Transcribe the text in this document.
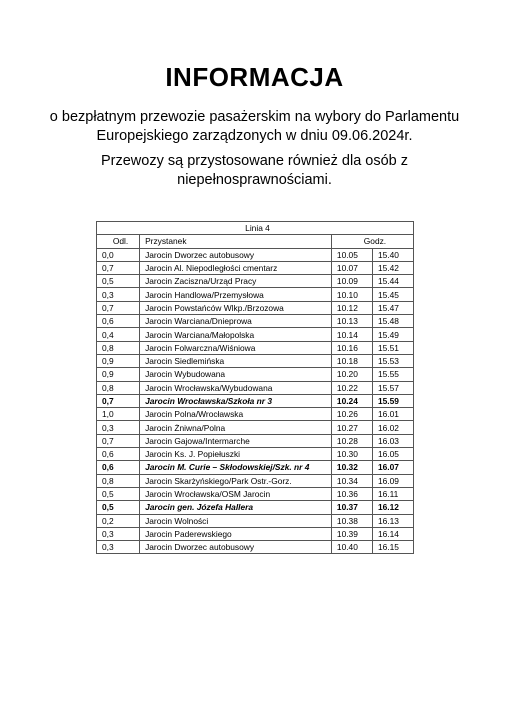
INFORMACJA
o bezpłatnym przewozie pasażerskim na wybory do Parlamentu
Europejskiego zarządzonych w dniu 09.06.2024r.
Przewozy są przystosowane również dla osób z
niepełnosprawnościami.
Linia 4			
Odl.	Przystanek	Godz.	
0,0	Jarocin Dworzec autobusowy	10.05	15.40
0,7	Jarocin Al. Niepodległości cmentarz	10.07	15.42
0,5	Jarocin Zaciszna/Urząd Pracy	10.09	15.44
0,3	Jarocin Handlowa/Przemysłowa	10.10	15.45
0,7	Jarocin Powstańców Wlkp./Brzozowa	10.12	15.47
0,6	Jarocin Warciana/Dnieprowa	10.13	15.48
0,4	Jarocin Warciana/Małopolska	10.14	15.49
0,8	Jarocin Folwarczna/Wiśniowa	10.16	15.51
0,9	Jarocin Siedlemińska	10.18	15.53
0,9	Jarocin Wybudowana	10.20	15.55
0,8	Jarocin Wrocławska/Wybudowana	10.22	15.57
0,7	Jarocin Wrocławska/Szkoła nr 3	10.24	15.59
1,0	Jarocin Polna/Wrocławska	10.26	16.01
0,3	Jarocin Żniwna/Polna	10.27	16.02
0,7	Jarocin Gajowa/Intermarche	10.28	16.03
0,6	Jarocin Ks. J. Popiełuszki	10.30	16.05
0,6	Jarocin M. Curie – Skłodowskiej/Szk. nr 4	10.32	16.07
0,8	Jarocin Skarżyńskiego/Park Ostr.-Gorz.	10.34	16.09
0,5	Jarocin Wrocławska/OSM Jarocin	10.36	16.11
0,5	Jarocin gen. Józefa Hallera	10.37	16.12
0,2	Jarocin Wolności	10.38	16.13
0,3	Jarocin Paderewskiego	10.39	16.14
0,3	Jarocin Dworzec autobusowy	10.40	16.15
